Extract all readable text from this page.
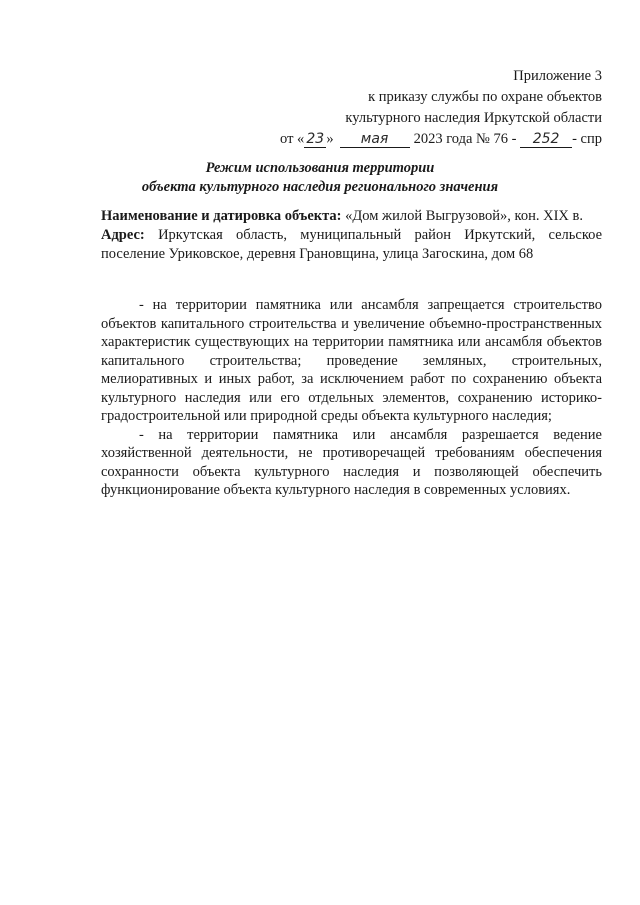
Приложение 3
к приказу службы по охране объектов
культурного наследия Иркутской области
от « 23 » мая 2023 года № 76 - 252 - спр
Режим использования территории
объекта культурного наследия регионального значения

Наименование и датировка объекта: «Дом жилой Выгрузовой», кон. XIX в.

Адрес: Иркутская область, муниципальный район Иркутский, сельское поселение Уриковское, деревня Грановщина, улица Загоскина, дом 68

- на территории памятника или ансамбля запрещается строительство объектов капитального строительства и увеличение объемно-пространственных характеристик существующих на территории памятника или ансамбля объектов капитального строительства; проведение земляных, строительных, мелиоративных и иных работ, за исключением работ по сохранению объекта культурного наследия или его отдельных элементов, сохранению историко-градостроительной или природной среды объекта культурного наследия;

- на территории памятника или ансамбля разрешается ведение хозяйственной деятельности, не противоречащей требованиям обеспечения сохранности объекта культурного наследия и позволяющей обеспечить функционирование объекта культурного наследия в современных условиях.
